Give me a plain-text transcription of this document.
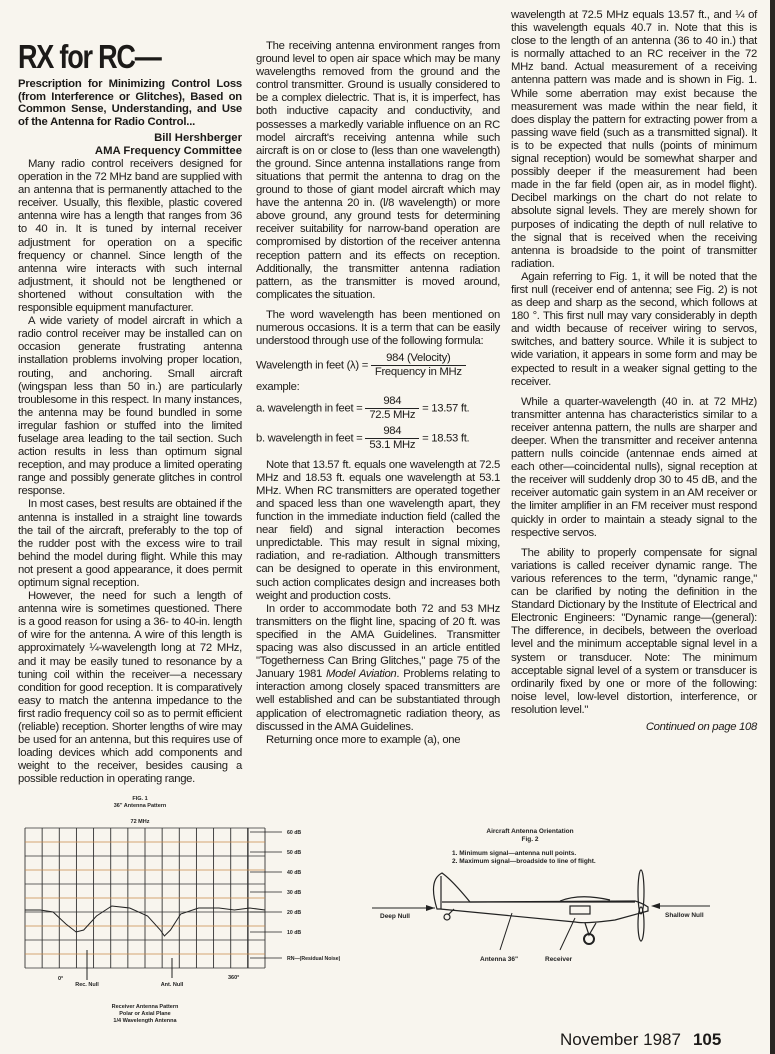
RX for RC—
Prescription for Minimizing Control Loss (from Interference or Glitches), Based on Common Sense, Understanding, and Use of the Antenna for Radio Control...
Bill Hershberger
AMA Frequency Committee

Many radio control receivers designed for operation in the 72 MHz band are supplied with an antenna that is permanently attached to the receiver. Usually, this flexible, plastic covered antenna wire has a length that ranges from 36 to 40 in. It is tuned by internal receiver adjustment for operation on a specific frequency or channel. Since length of the antenna wire interacts with such internal adjustment, it should not be lengthened or shortened without consultation with the responsible equipment manufacturer.

A wide variety of model aircraft in which a radio control receiver may be installed can on occasion generate frustrating antenna installation problems involving proper location, routing, and anchoring. Small aircraft (wingspan less than 50 in.) are particularly troublesome in this respect. In many instances, the antenna may be found bundled in some irregular fashion or stuffed into the limited fuselage area leading to the tail section. Such action results in less than optimum signal reception, and may produce a limited operating range and possibly generate glitches in control response.

In most cases, best results are obtained if the antenna is installed in a straight line towards the tail of the aircraft, preferably to the top of the rudder post with the excess wire to trail behind the model during flight. While this may not present a good appearance, it does permit optimum signal reception.

However, the need for such a length of antenna wire is sometimes questioned. There is a good reason for using a 36- to 40-in. length of wire for the antenna. A wire of this length is approximately ¼-wavelength long at 72 MHz, and it may be easily tuned to resonance by a tuning coil within the receiver—a necessary condition for good reception. It is comparatively easy to match the antenna impedance to the first radio frequency coil so as to permit efficient (reliable) reception. Shorter lengths of wire may be used for an antenna, but this requires use of loading devices which add components and weight to the receiver, besides causing a possible reduction in operating range.

The receiving antenna environment ranges from ground level to open air space which may be many wavelengths removed from the ground and the control transmitter. Ground is usually considered to be a complex dielectric. That is, it is imperfect, has both inductive capacity and conductivity, and possesses a markedly variable influence on an RC model aircraft's receiving antenna while such aircraft is on or close to (less than one wavelength) the ground. Since antenna installations range from situations that permit the antenna to drag on the ground to those of giant model aircraft which may have the antenna 20 in. (l/8 wavelength) or more above ground, any ground tests for determining receiver suitability for narrow-band operation are compromised by distortion of the receiver antenna reception pattern and its effects on reception. Additionally, the transmitter antenna radiation pattern, as the transmitter is moved around, complicates the situation.

The word wavelength has been mentioned on numerous occasions. It is a term that can be easily understood through use of the following formula:

Wavelength in feet $(\lambda) = \frac{\text{984 (Velocity)}}{\text{Frequency in MHz}}$
example:
a. wavelength in feet = $\frac{984}{\text{72.5 MHz}} = 13.57$ ft.
b. wavelength in feet = $\frac{984}{\text{53.1 MHz}} = 18.53$ ft.

Note that 13.57 ft. equals one wavelength at 72.5 MHz and 18.53 ft. equals one wavelength at 53.1 MHz. When RC transmitters are operated together and spaced less than one wavelength apart, they function in the immediate induction field (called the near field) and signal interaction becomes unpredictable. This may result in signal mixing, radiation, and re-radiation. Although transmitters can be designed to operate in this environment, such action complicates design and increases both weight and production costs.

In order to accommodate both 72 and 53 MHz transmitters on the flight line, spacing of 20 ft. was specified in the AMA Guidelines. Transmitter spacing was also discussed in an article entitled "Togetherness Can Bring Glitches," page 75 of the January 1981 Model Aviation. Problems relating to interaction among closely spaced transmitters are well established and can be substantiated through application of electromagnetic radiation theory, as discussed in the AMA Guidelines.

Returning once more to example (a), one

wavelength at 72.5 MHz equals 13.57 ft., and ¼ of this wavelength equals 40.7 in. Note that this is close to the length of an antenna (36 to 40 in.) that is normally attached to an RC receiver in the 72 MHz band. Actual measurement of a receiving antenna pattern was made and is shown in Fig. 1. While some aberration may exist because the measurement was made within the near field, it does display the pattern for extracting power from a passing wave field (such as a transmitted signal). It is to be expected that nulls (points of minimum signal reception) would be somewhat sharper and possibly deeper if the measurement had been made in the far field (open air, as in model flight). Decibel markings on the chart do not relate to absolute signal levels. They are merely shown for purposes of indicating the depth of null relative to the signal that is received when the receiving antenna is broadside to the point of transmitter radiation.

Again referring to Fig. 1, it will be noted that the first null (receiver end of antenna; see Fig. 2) is not as deep and sharp as the second, which follows at 180 °. This first null may vary considerably in depth and width because of receiver wiring to servos, switches, and battery source. While it is subject to wide variation, it appears in some form and may be expected to result in a weaker signal getting to the receiver.

While a quarter-wavelength (40 in. at 72 MHz) transmitter antenna has characteristics similar to a receiver antenna pattern, the nulls are sharper and deeper. When the transmitter and receiver antenna pattern nulls coincide (antennae ends aimed at each other—coincidental nulls), signal reception at the receiver will suddenly drop 30 to 45 dB, and the receiver automatic gain system in an AM receiver or the limiter amplifier in an FM receiver must respond quickly in order to maintain a steady signal to the respective servos.

The ability to properly compensate for signal variations is called receiver dynamic range. The various references to the term, "dynamic range," can be clarified by noting the definition in the Standard Dictionary by the Institute of Electrical and Electronic Engineers: "Dynamic range—(general): The difference, in decibels, between the overload level and the minimum acceptable signal level in a system or transducer. Note: The minimum acceptable signal level of a system or transducer is ordinarily fixed by one or more of the following: noise level, low-level distortion, interference, or resolution level."

Continued on page 108
FIG. 1
36" Antenna Pattern
72 MHz
60 dB
50 dB
40 dB
30 dB
20 dB
10 dB
RN—(Residual Noise)
0°	360°
Rec. Null	Ant. Null
Receiver Antenna Pattern
Polar or Axial Plane
1/4 Wavelength Antenna
Aircraft Antenna Orientation
Fig. 2
1. Minimum signal—antenna null points.
2. Maximum signal—broadside to line of flight.
Deep Null	Shallow Null
Antenna 36"	Receiver
November 1987 105
